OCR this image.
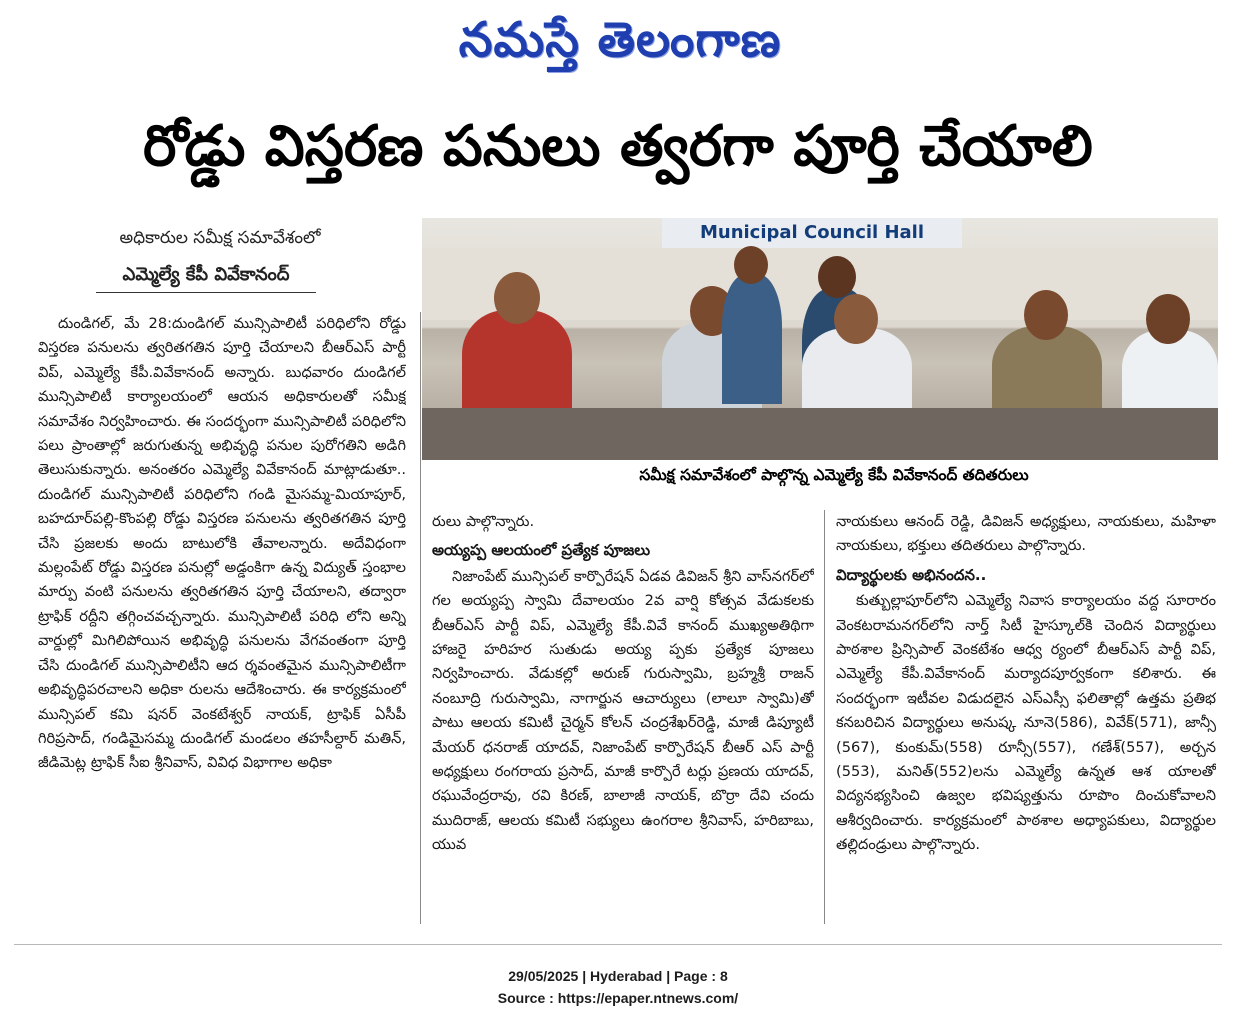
నమస్తే తెలంగాణ
రోడ్డు విస్తరణ పనులు త్వరగా పూర్తి చేయాలి
అధికారుల సమీక్ష సమావేశంలో
ఎమ్మెల్యే కేపీ వివేకానంద్
Municipal Council Hall
సమీక్ష సమావేశంలో పాల్గొన్న ఎమ్మెల్యే కేపీ వివేకానంద్ తదితరులు

దుండిగల్, మే 28:దుండిగల్ మున్సిపాలిటీ పరిధిలోని రోడ్డు విస్తరణ పనులను త్వరితగతిన పూర్తి చేయాలని బీఆర్ఎస్ పార్టీ విప్, ఎమ్మెల్యే కేపీ.వివేకానంద్ అన్నారు. బుధవారం దుండిగల్ మున్సిపాలిటీ కార్యాలయంలో ఆయన అధికారులతో సమీక్ష సమావేశం నిర్వహించారు. ఈ సందర్భంగా మున్సిపాలిటీ పరిధిలోని పలు ప్రాంతాల్లో జరుగుతున్న అభివృద్ధి పనుల పురోగతిని అడిగి తెలుసుకున్నారు. అనంతరం ఎమ్మెల్యే వివేకానంద్ మాట్లాడుతూ.. దుండిగల్ మున్సిపాలిటీ పరిధిలోని గండి మైసమ్మ-మియాపూర్, బహదూర్‌పల్లి-కొంపల్లి రోడ్డు విస్తరణ పనులను త్వరితగతిన పూర్తి చేసి ప్రజలకు అందు బాటులోకి తేవాలన్నారు. అదేవిధంగా మల్లంపేట్ రోడ్డు విస్తరణ పనుల్లో అడ్డంకిగా ఉన్న విద్యుత్ స్తంభాల మార్పు వంటి పనులను త్వరితగతిన పూర్తి చేయాలని, తద్వారా ట్రాఫిక్ రద్దీని తగ్గించవచ్చన్నారు. మున్సిపాలిటీ పరిధి లోని అన్ని వార్డుల్లో మిగిలిపోయిన అభివృద్ధి పనులను వేగవంతంగా పూర్తి చేసి దుండిగల్ మున్సిపాలిటీని ఆద ర్శవంతమైన మున్సిపాలిటీగా అభివృద్ధిపరచాలని అధికా రులను ఆదేశించారు. ఈ కార్యక్రమంలో మున్సిపల్ కమి షనర్ వెంకటేశ్వర్ నాయక్, ట్రాఫిక్ ఏసీపీ గిరిప్రసాద్, గండిమైసమ్మ దుండిగల్ మండలం తహసీల్దార్ మతిన్, జీడిమెట్ల ట్రాఫిక్ సీఐ శ్రీనివాస్, వివిధ విభాగాల అధికా

రులు పాల్గొన్నారు.

అయ్యప్ప ఆలయంలో ప్రత్యేక పూజలు

నిజాంపేట్ మున్సిపల్ కార్పొరేషన్ ఏడవ డివిజన్ శ్రీని వాస్‌నగర్‌లో గల అయ్యప్ప స్వామి దేవాలయం 2వ వార్షి కోత్సవ వేడుకలకు బీఆర్ఎస్ పార్టీ విప్, ఎమ్మెల్యే కేపీ.వివే కానంద్ ముఖ్యఅతిథిగా హాజరై హరిహర సుతుడు అయ్య ప్పకు ప్రత్యేక పూజలు నిర్వహించారు. వేడుకల్లో అరుణ్ గురుస్వామి, బ్రహ్మశ్రీ రాజన్ నంబూద్రి గురుస్వామి, నాగార్జున ఆచార్యులు (లాలూ స్వామి)తో పాటు ఆలయ కమిటీ చైర్మన్ కోలన్ చంద్రశేఖర్‌రెడ్డి, మాజీ డిప్యూటీ మేయర్ ధనరాజ్ యాదవ్, నిజాంపేట్ కార్పొరేషన్ బీఆర్ ఎస్ పార్టీ అధ్యక్షులు రంగరాయ ప్రసాద్, మాజీ కార్పొరే టర్లు ప్రణయ యాదవ్, రఘువేంద్రరావు, రవి కిరణ్, బాలాజీ నాయక్, బొర్రా దేవి చందు ముదిరాజ్, ఆలయ కమిటీ సభ్యులు ఉంగరాల శ్రీనివాస్, హరిబాబు, యువ

నాయకులు ఆనంద్ రెడ్డి, డివిజన్ అధ్యక్షులు, నాయకులు, మహిళా నాయకులు, భక్తులు తదితరులు పాల్గొన్నారు.

విద్యార్థులకు అభినందన..

కుత్బుల్లాపూర్‌లోని ఎమ్మెల్యే నివాస కార్యాలయం వద్ద సూరారం వెంకటరామనగర్‌లోని నార్త్ సిటీ హైస్కూల్‌కి చెందిన విద్యార్థులు పాఠశాల ప్రిన్సిపాల్ వెంకటేశం ఆధ్వ ర్యంలో బీఆర్ఎస్ పార్టీ విప్, ఎమ్మెల్యే కేపీ.వివేకానంద్ మర్యాదపూర్వకంగా కలిశారు. ఈ సందర్భంగా ఇటీవల విడుదలైన ఎస్ఎస్సీ ఫలితాల్లో ఉత్తమ ప్రతిభ కనబరిచిన విద్యార్థులు అనుష్క నూనె(586), వివేక్(571), జాన్సీ (567), కుంకుమ్(558) రూన్సీ(557), గణేశ్(557), అర్చన (553), మనిత్(552)లను ఎమ్మెల్యే ఉన్నత ఆశ యాలతో విద్యనభ్యసించి ఉజ్వల భవిష్యత్తును రూపొం దించుకోవాలని ఆశీర్వదించారు. కార్యక్రమంలో పాఠశాల అధ్యాపకులు, విద్యార్థుల తల్లిదండ్రులు పాల్గొన్నారు.

29/05/2025 | Hyderabad | Page : 8
Source : https://epaper.ntnews.com/
